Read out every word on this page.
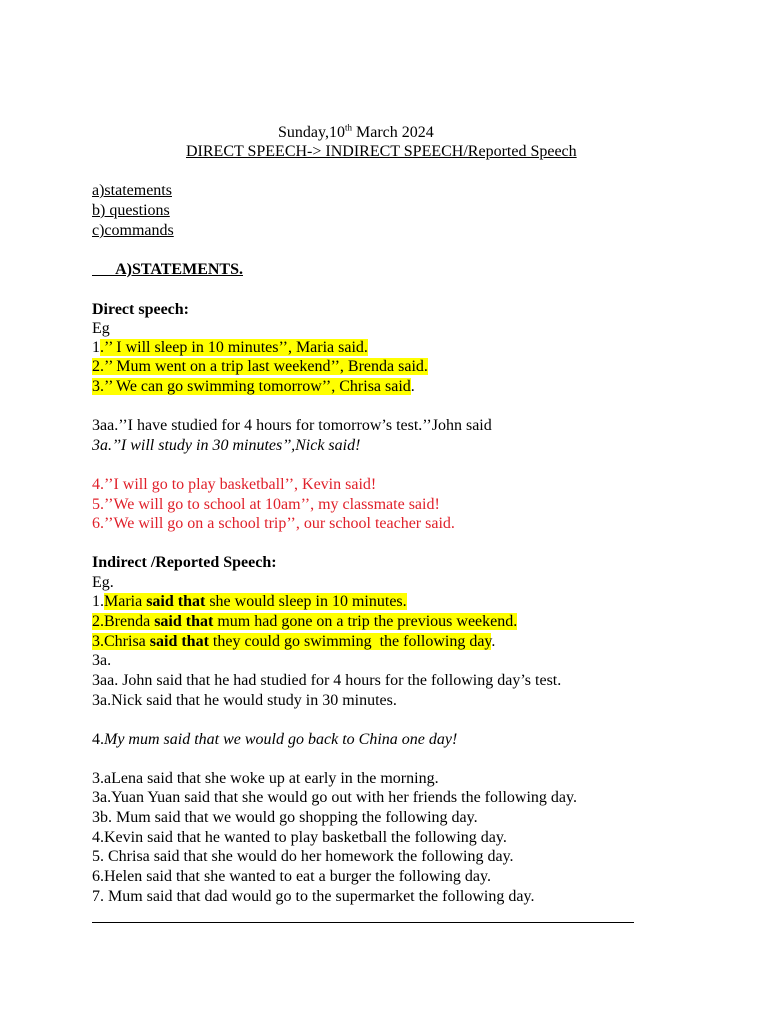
Sunday,10th March 2024
DIRECT SPEECH-> INDIRECT SPEECH/Reported Speech
a)statements
b) questions
c)commands
A)STATEMENTS.
Direct speech:
Eg
1.’’ I will sleep in 10 minutes’’, Maria said.
2.’’ Mum went on a trip last weekend’’, Brenda said.
3.’’ We can go swimming tomorrow’’, Chrisa said.
3aa.’’I have studied for 4 hours for tomorrow’s test.’’John said
3a.’’I will study in 30 minutes’’,Nick said!
4.’’I will go to play basketball’’, Kevin said!
5.’’We will go to school at 10am’’, my classmate said!
6.’’We will go on a school trip’’, our school teacher said.
Indirect /Reported Speech:
Eg.
1.Maria said that she would sleep in 10 minutes.
2.Brenda said that mum had gone on a trip the previous weekend.
3.Chrisa said that they could go swimming  the following day.
3a.
3aa. John said that he had studied for 4 hours for the following day’s test.
3a.Nick said that he would study in 30 minutes.
4.My mum said that we would go back to China one day!
3.aLena said that she woke up at early in the morning.
3a.Yuan Yuan said that she would go out with her friends the following day.
3b. Mum said that we would go shopping the following day.
4.Kevin said that he wanted to play basketball the following day.
5. Chrisa said that she would do her homework the following day.
6.Helen said that she wanted to eat a burger the following day.
7. Mum said that dad would go to the supermarket the following day.
